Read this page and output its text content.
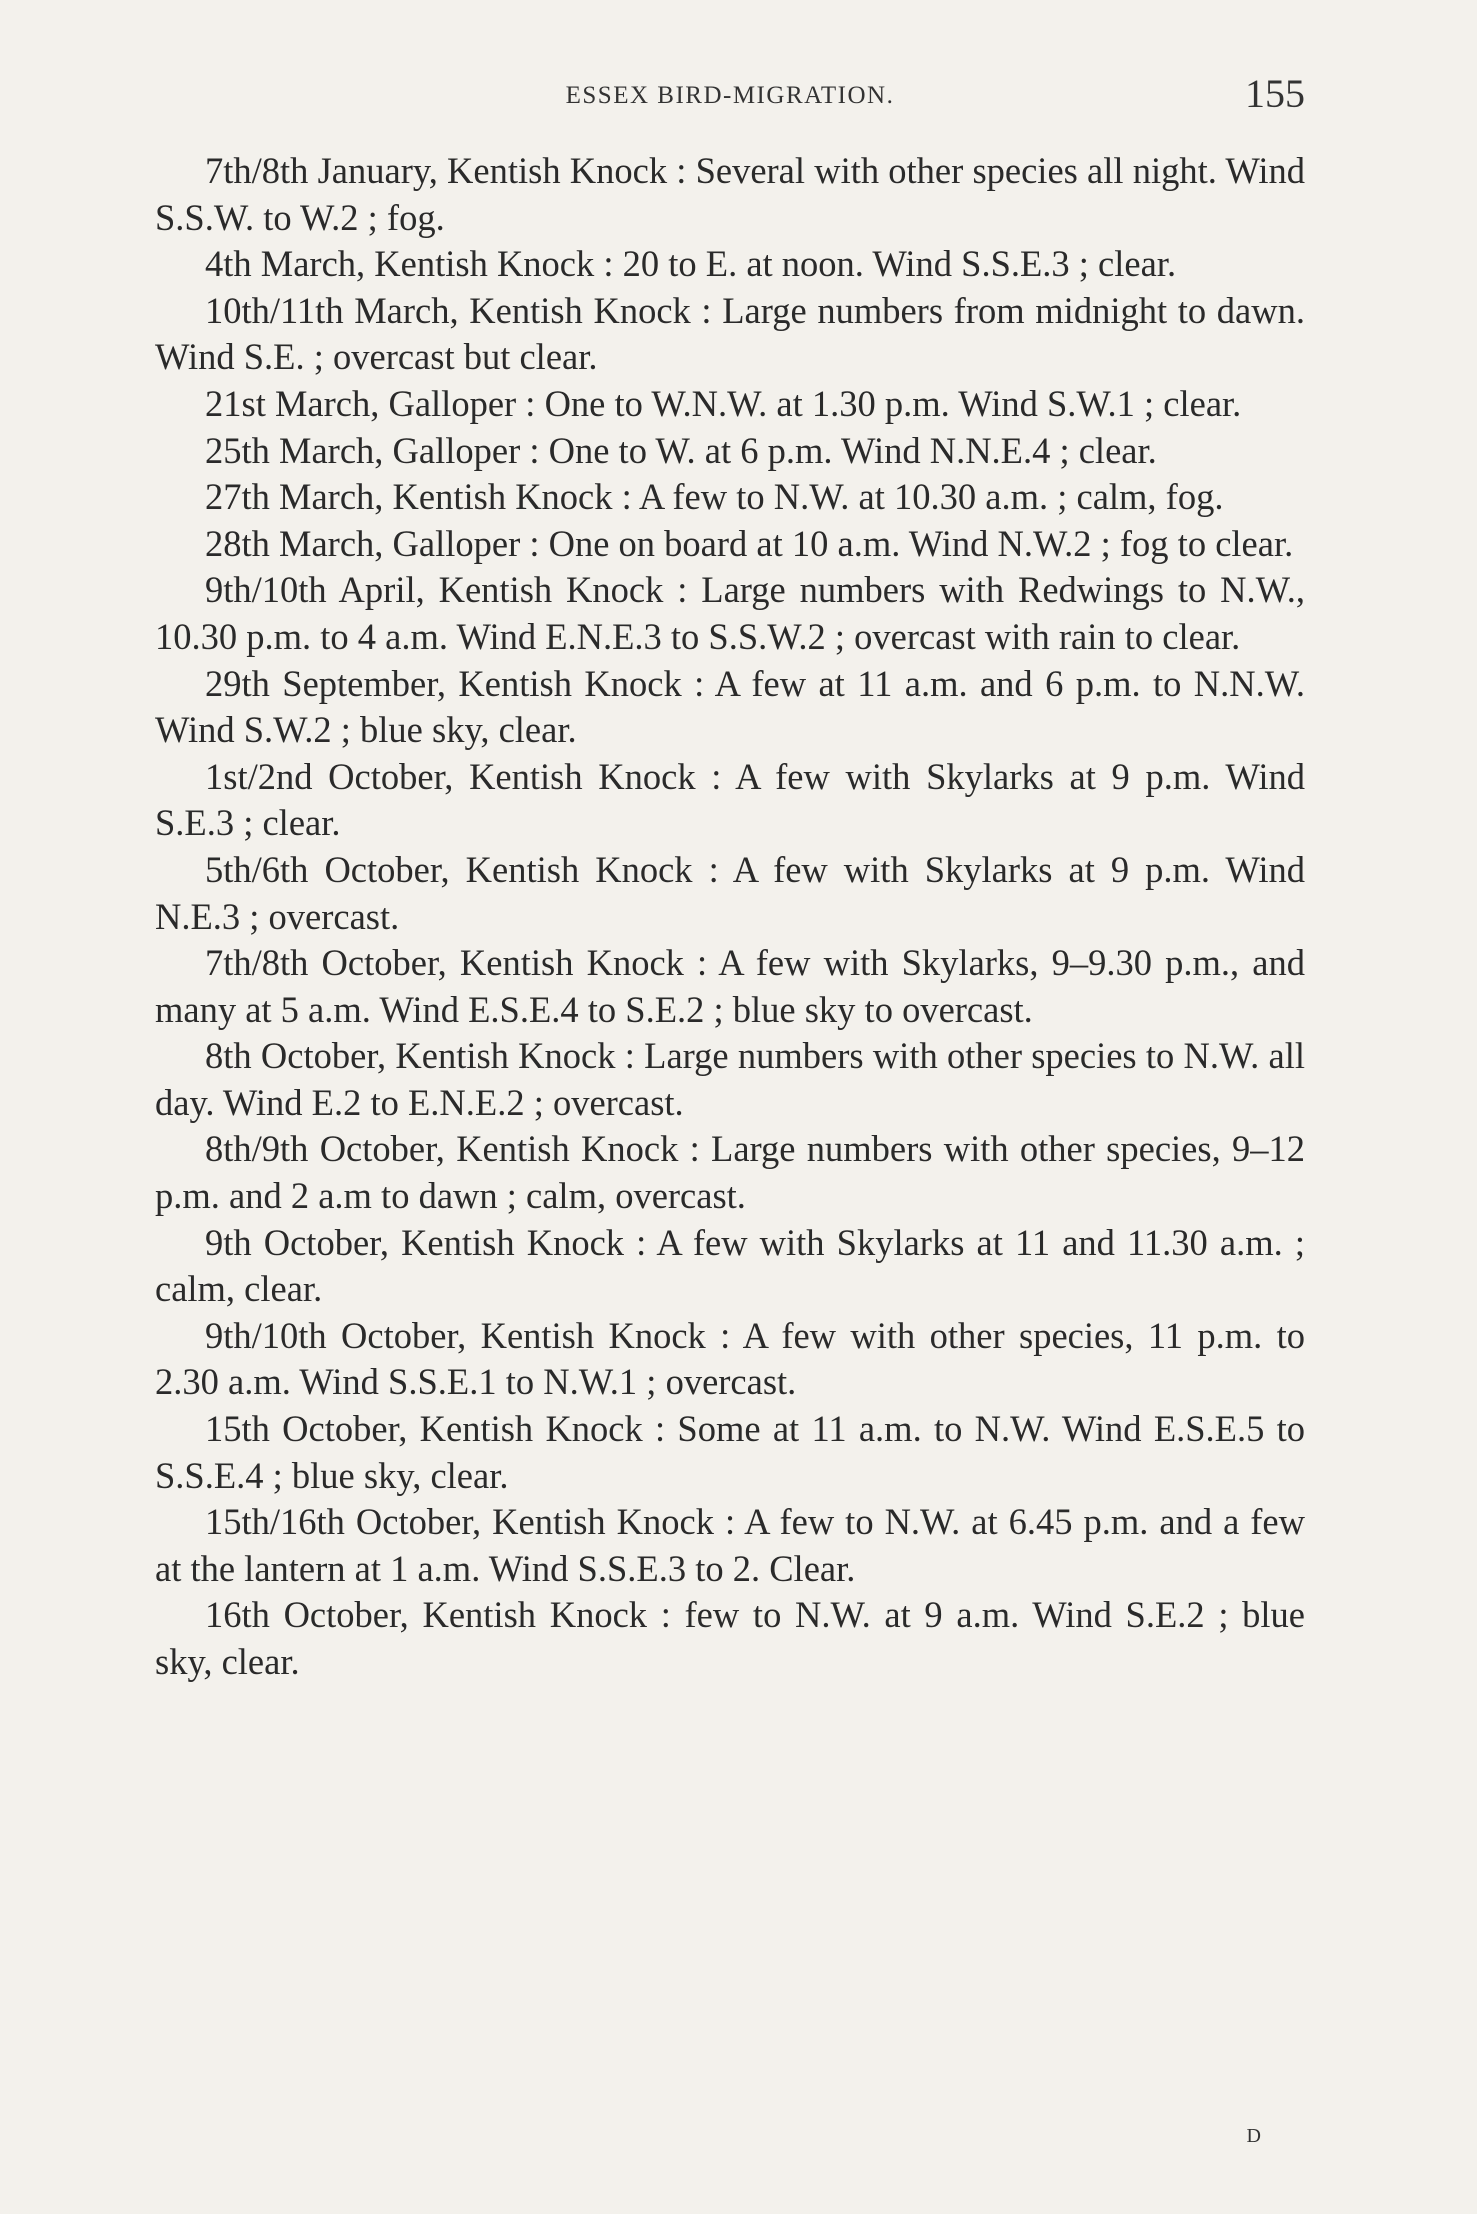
ESSEX BIRD-MIGRATION.	155

7th/8th January, Kentish Knock : Several with other species all night. Wind S.S.W. to W.2 ; fog.

4th March, Kentish Knock : 20 to E. at noon. Wind S.S.E.3 ; clear.

10th/11th March, Kentish Knock : Large numbers from midnight to dawn. Wind S.E. ; overcast but clear.

21st March, Galloper : One to W.N.W. at 1.30 p.m. Wind S.W.1 ; clear.

25th March, Galloper : One to W. at 6 p.m. Wind N.N.E.4 ; clear.

27th March, Kentish Knock : A few to N.W. at 10.30 a.m. ; calm, fog.

28th March, Galloper : One on board at 10 a.m. Wind N.W.2 ; fog to clear.

9th/10th April, Kentish Knock : Large numbers with Redwings to N.W., 10.30 p.m. to 4 a.m. Wind E.N.E.3 to S.S.W.2 ; overcast with rain to clear.

29th September, Kentish Knock : A few at 11 a.m. and 6 p.m. to N.N.W. Wind S.W.2 ; blue sky, clear.

1st/2nd October, Kentish Knock : A few with Skylarks at 9 p.m. Wind S.E.3 ; clear.

5th/6th October, Kentish Knock : A few with Skylarks at 9 p.m. Wind N.E.3 ; overcast.

7th/8th October, Kentish Knock : A few with Skylarks, 9–9.30 p.m., and many at 5 a.m. Wind E.S.E.4 to S.E.2 ; blue sky to overcast.

8th October, Kentish Knock : Large numbers with other species to N.W. all day. Wind E.2 to E.N.E.2 ; overcast.

8th/9th October, Kentish Knock : Large numbers with other species, 9–12 p.m. and 2 a.m to dawn ; calm, overcast.

9th October, Kentish Knock : A few with Skylarks at 11 and 11.30 a.m. ; calm, clear.

9th/10th October, Kentish Knock : A few with other species, 11 p.m. to 2.30 a.m. Wind S.S.E.1 to N.W.1 ; overcast.

15th October, Kentish Knock : Some at 11 a.m. to N.W. Wind E.S.E.5 to S.S.E.4 ; blue sky, clear.

15th/16th October, Kentish Knock : A few to N.W. at 6.45 p.m. and a few at the lantern at 1 a.m. Wind S.S.E.3 to 2. Clear.

16th October, Kentish Knock : few to N.W. at 9 a.m. Wind S.E.2 ; blue sky, clear.

D
